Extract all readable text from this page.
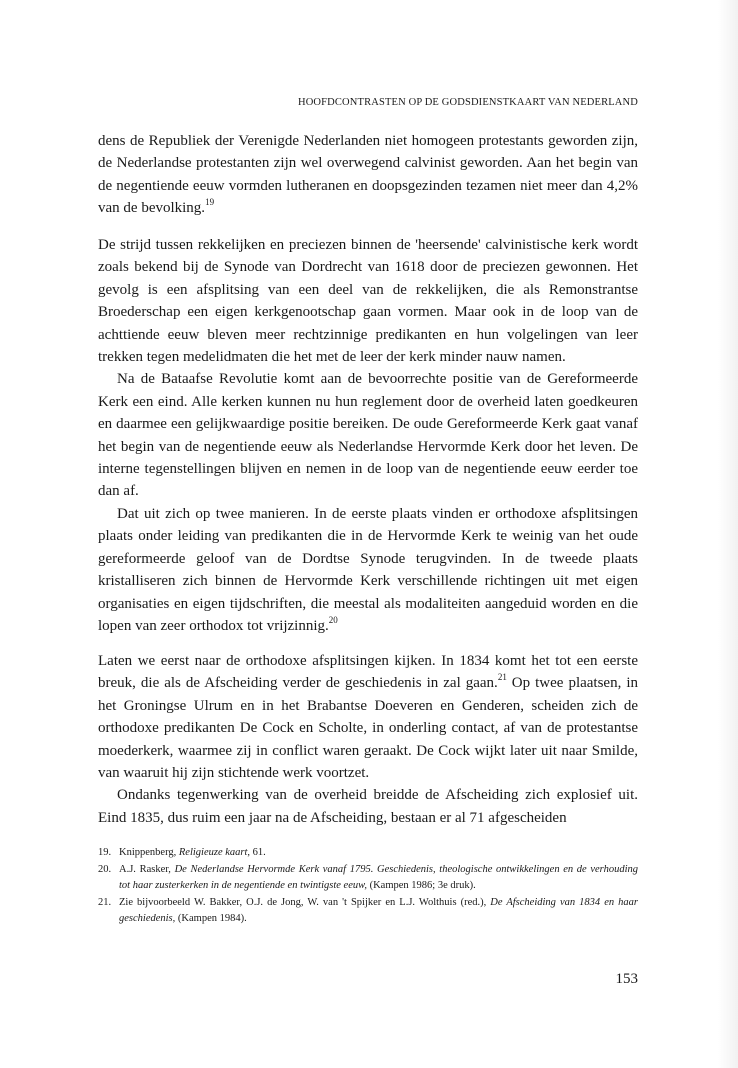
HOOFDCONTRASTEN OP DE GODSDIENSTKAART VAN NEDERLAND

dens de Republiek der Verenigde Nederlanden niet homogeen protestants geworden zijn, de Nederlandse protestanten zijn wel overwegend calvinist geworden. Aan het begin van de negentiende eeuw vormden lutheranen en doopsgezinden tezamen niet meer dan 4,2% van de bevolking.$^{19}$

De strijd tussen rekkelijken en preciezen binnen de 'heersende' calvinistische kerk wordt zoals bekend bij de Synode van Dordrecht van 1618 door de preciezen gewonnen. Het gevolg is een afsplitsing van een deel van de rekkelijken, die als Remonstrantse Broederschap een eigen kerkgenootschap gaan vormen. Maar ook in de loop van de achttiende eeuw bleven meer rechtzinnige predikanten en hun volgelingen van leer trekken tegen medelidmaten die het met de leer der kerk minder nauw namen.

Na de Bataafse Revolutie komt aan de bevoorrechte positie van de Gereformeerde Kerk een eind. Alle kerken kunnen nu hun reglement door de overheid laten goedkeuren en daarmee een gelijkwaardige positie bereiken. De oude Gereformeerde Kerk gaat vanaf het begin van de negentiende eeuw als Nederlandse Hervormde Kerk door het leven. De interne tegenstellingen blijven en nemen in de loop van de negentiende eeuw eerder toe dan af.

Dat uit zich op twee manieren. In de eerste plaats vinden er orthodoxe afsplitsingen plaats onder leiding van predikanten die in de Hervormde Kerk te weinig van het oude gereformeerde geloof van de Dordtse Synode terugvinden. In de tweede plaats kristalliseren zich binnen de Hervormde Kerk verschillende richtingen uit met eigen organisaties en eigen tijdschriften, die meestal als modaliteiten aangeduid worden en die lopen van zeer orthodox tot vrijzinnig.$^{20}$

Laten we eerst naar de orthodoxe afsplitsingen kijken. In 1834 komt het tot een eerste breuk, die als de Afscheiding verder de geschiedenis in zal gaan.$^{21}$ Op twee plaatsen, in het Groningse Ulrum en in het Brabantse Doeveren en Genderen, scheiden zich de orthodoxe predikanten De Cock en Scholte, in onderling contact, af van de protestantse moederkerk, waarmee zij in conflict waren geraakt. De Cock wijkt later uit naar Smilde, van waaruit hij zijn stichtende werk voortzet.

Ondanks tegenwerking van de overheid breidde de Afscheiding zich explosief uit. Eind 1835, dus ruim een jaar na de Afscheiding, bestaan er al 71 afgescheiden

19. Knippenberg, Religieuze kaart, 61.
20. A.J. Rasker, De Nederlandse Hervormde Kerk vanaf 1795. Geschiedenis, theologische ontwikkelingen en de verhouding tot haar zusterkerken in de negentiende en twintigste eeuw, (Kampen 1986; 3e druk).
21. Zie bijvoorbeeld W. Bakker, O.J. de Jong, W. van 't Spijker en L.J. Wolthuis (red.), De Afscheiding van 1834 en haar geschiedenis, (Kampen 1984).
153
